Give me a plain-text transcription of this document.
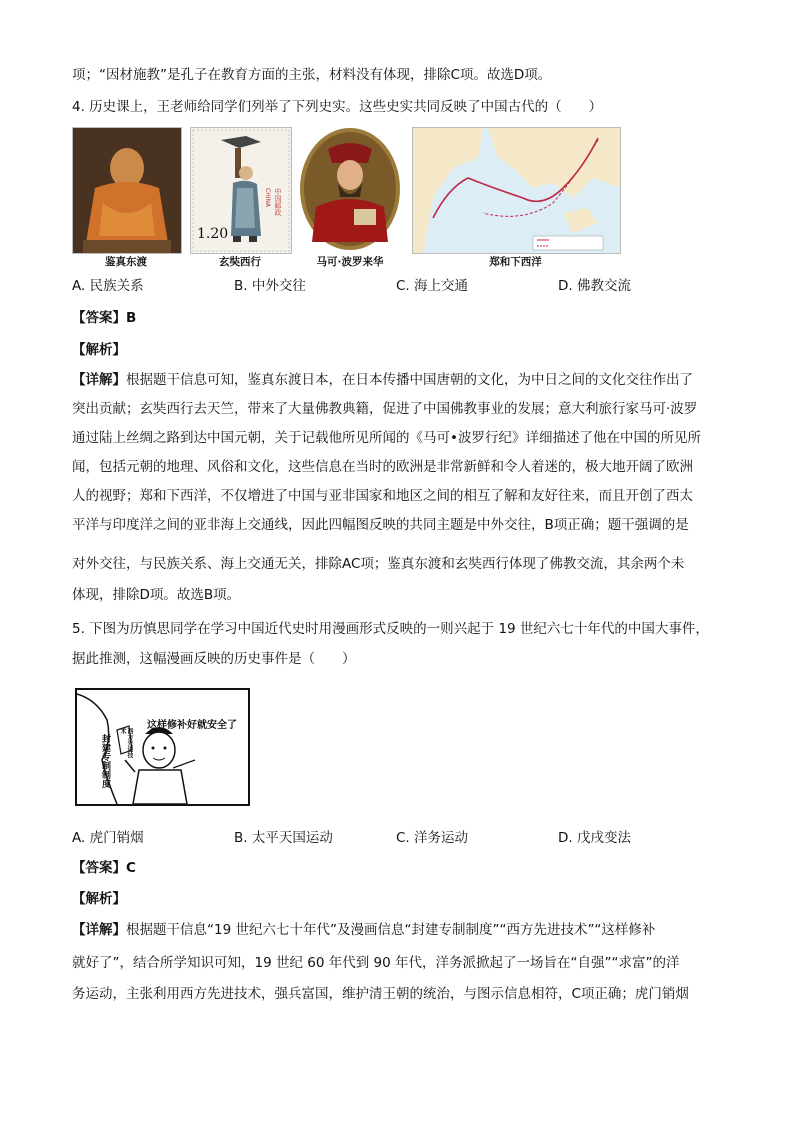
项；“因材施教”是孔子在教育方面的主张，材料没有体现，排除C项。故选D项。
4. 历史课上，王老师给同学们列举了下列史实。这些史实共同反映了中国古代的（　　）
鉴真东渡
1.20
中国邮政
CHINA
玄奘西行	马可·波罗来华	郑和下西洋
A. 民族关系	B. 中外交往	C. 海上交通	D. 佛教交流
【答案】B
【解析】
【详解】根据题干信息可知，鉴真东渡日本，在日本传播中国唐朝的文化，为中日之间的文化交往作出了
突出贡献；玄奘西行去天竺，带来了大量佛教典籍，促进了中国佛教事业的发展；意大利旅行家马可·波罗
通过陆上丝绸之路到达中国元朝，关于记载他所见所闻的《马可•波罗行纪》详细描述了他在中国的所见所
闻，包括元朝的地理、风俗和文化，这些信息在当时的欧洲是非常新鲜和令人着迷的，极大地开阔了欧洲
人的视野；郑和下西洋，不仅增进了中国与亚非国家和地区之间的相互了解和友好往来，而且开创了西太
平洋与印度洋之间的亚非海上交通线，因此四幅图反映的共同主题是中外交往，B项正确；题干强调的是
对外交往，与民族关系、海上交通无关，排除AC项；鉴真东渡和玄奘西行体现了佛教交流，其余两个未
体现，排除D项。故选B项。
5. 下图为历慎思同学在学习中国近代史时用漫画形式反映的一则兴起于 19 世纪六七十年代的中国大事件，
据此推测，这幅漫画反映的历史事件是（　　）
这样修补好就安全了
封建专制制度	西方先进技术
A. 虎门销烟	B. 太平天国运动	C. 洋务运动	D. 戊戌变法
【答案】C
【解析】
【详解】根据题干信息“19 世纪六七十年代”及漫画信息“封建专制制度”“西方先进技术”“这样修补
就好了”，结合所学知识可知，19 世纪 60 年代到 90 年代，洋务派掀起了一场旨在“自强”“求富”的洋
务运动，主张利用西方先进技术，强兵富国，维护清王朝的统治，与图示信息相符，C项正确；虎门销烟
